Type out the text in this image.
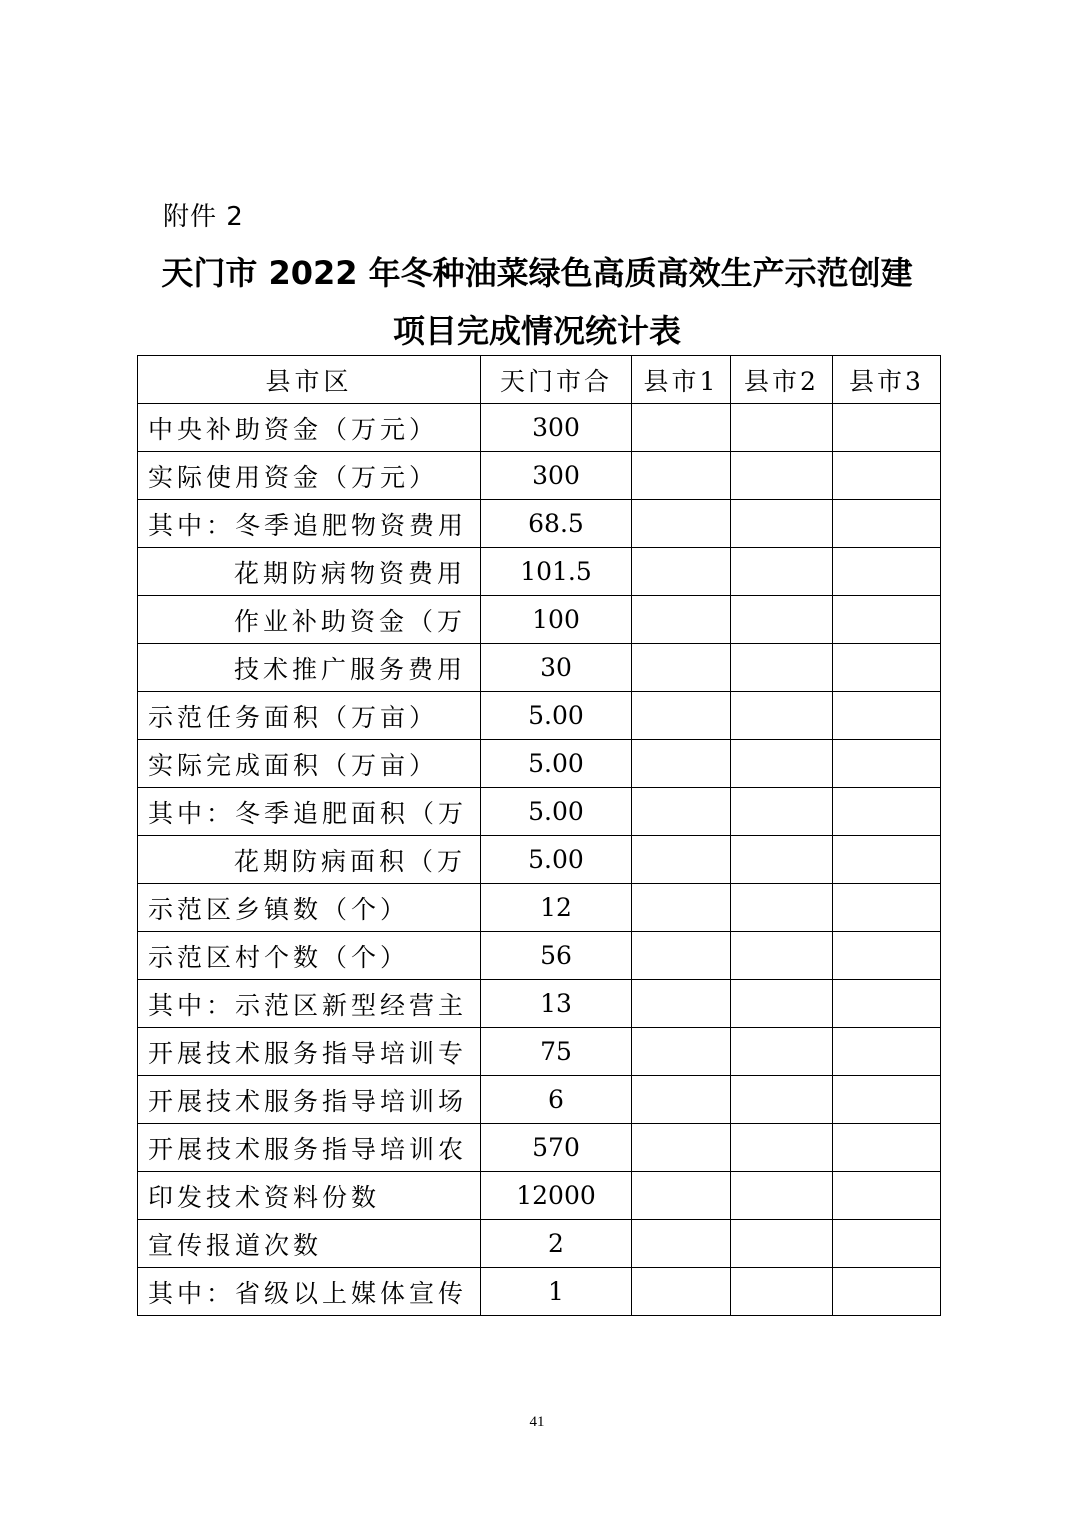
附件 2
天门市 2022 年冬种油菜绿色高质高效生产示范创建
项目完成情况统计表
县市区	天门市合	县市1	县市2	县市3
中央补助资金（万元）	300			
实际使用资金（万元）	300			
其中：冬季追肥物资费用	68.5			
花期防病物资费用	101.5			
作业补助资金（万	100			
技术推广服务费用	30			
示范任务面积（万亩）	5.00			
实际完成面积（万亩）	5.00			
其中：冬季追肥面积（万	5.00			
花期防病面积（万	5.00			
示范区乡镇数（个）	12			
示范区村个数（个）	56			
其中：示范区新型经营主	13			
开展技术服务指导培训专	75			
开展技术服务指导培训场	6			
开展技术服务指导培训农	570			
印发技术资料份数	12000			
宣传报道次数	2			
其中：省级以上媒体宣传	1			
41
